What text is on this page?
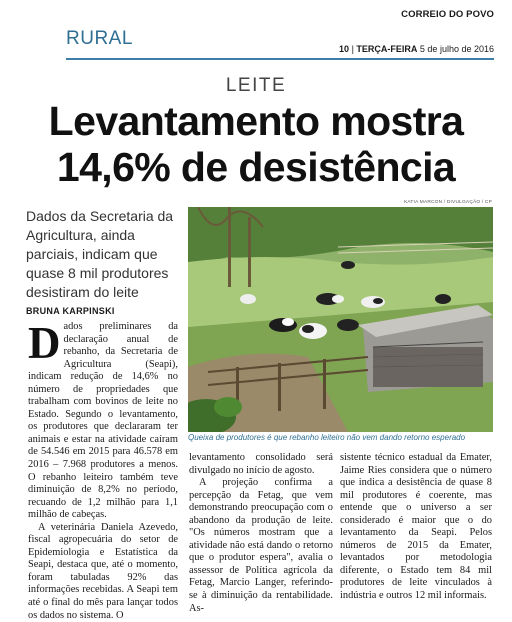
CORREIO DO POVO
RURAL	10 | TERÇA-FEIRA 5 de julho de 2016
LEITE
Levantamento mostra
14,6% de desistência
KATIA MARCON / DIVULGAÇÃO / CP
Dados da Secretaria da Agricultura, ainda parciais, indicam que quase 8 mil produtores desistiram do leite
BRUNA KARPINSKI
Queixa de produtores é que rebanho leiteiro não vem dando retorno esperado
D ados preliminares da declaração anual de rebanho, da Secretaria de Agricultura (Seapi), indicam redução de 14,6% no número de propriedades que trabalham com bovinos de leite no Estado. Segundo o levantamento, os produtores que declararam ter animais e estar na atividade caíram de 54.546 em 2015 para 46.578 em 2016 – 7.968 produtores a menos. O rebanho leiteiro também teve diminuição de 8,2% no período, recuando de 1,2 milhão para 1,1 milhão de cabeças.

A veterinária Daniela Azevedo, fiscal agropecuária do setor de Epidemiologia e Estatística da Seapi, destaca que, até o momento, foram tabuladas 92% das informações recebidas. A Seapi tem até o final do mês para lançar todos os dados no sistema. O

levantamento consolidado será divulgado no início de agosto.

A projeção confirma a percepção da Fetag, que vem demonstrando preocupação com o abandono da produção de leite. "Os números mostram que a atividade não está dando o retorno que o produtor espera", avalia o assessor de Política agrícola da Fetag, Marcio Langer, referindo-se à diminuição da rentabilidade. As-

sistente técnico estadual da Emater, Jaime Ries considera que o número que indica a desistência de quase 8 mil produtores é coerente, mas entende que o universo a ser considerado é maior que o do levantamento da Seapi. Pelos números de 2015 da Emater, levantados por metodologia diferente, o Estado tem 84 mil produtores de leite vinculados à indústria e outros 12 mil informais.
